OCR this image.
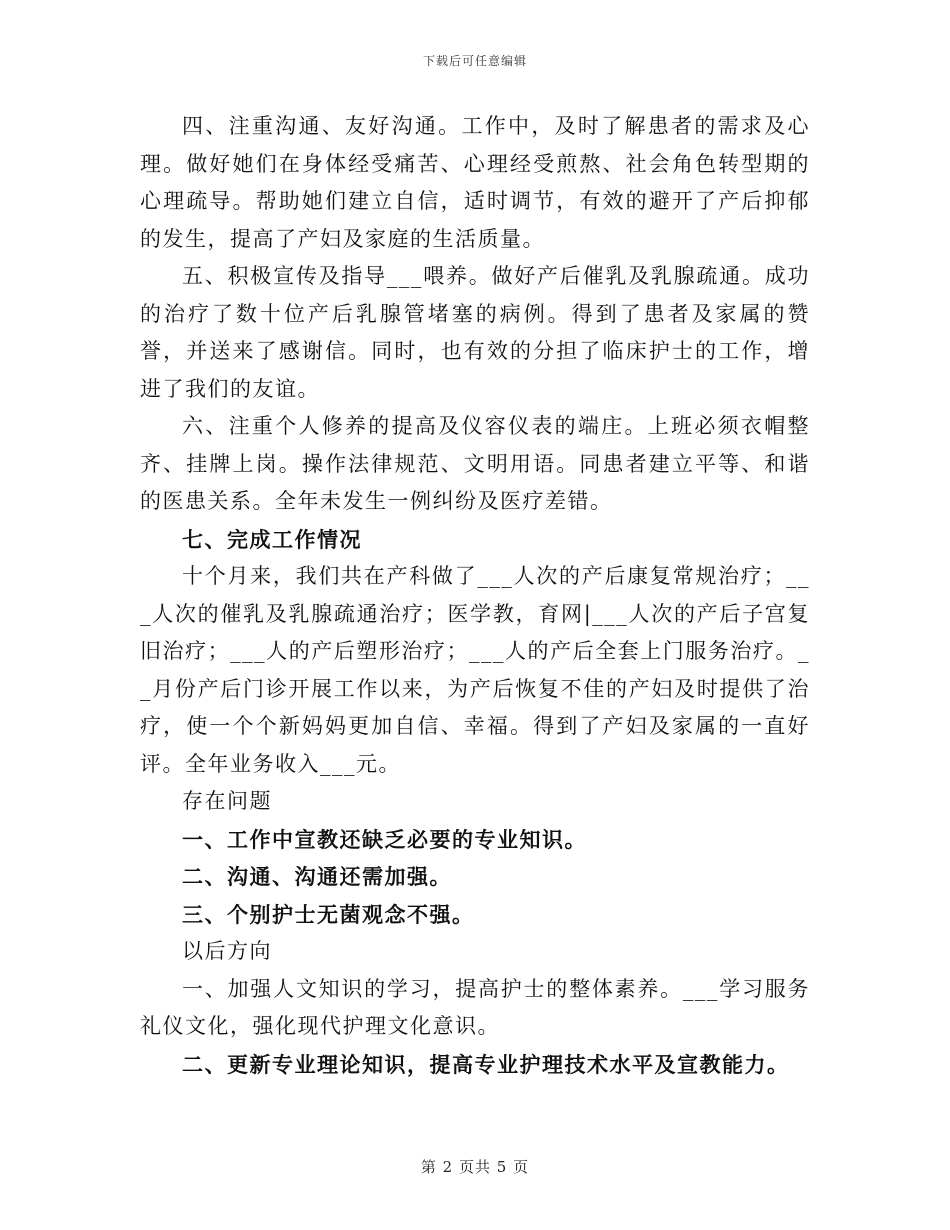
下载后可任意编辑

四、注重沟通、友好沟通。工作中，及时了解患者的需求及心理。做好她们在身体经受痛苦、心理经受煎熬、社会角色转型期的心理疏导。帮助她们建立自信，适时调节，有效的避开了产后抑郁的发生，提高了产妇及家庭的生活质量。

五、积极宣传及指导___喂养。做好产后催乳及乳腺疏通。成功的治疗了数十位产后乳腺管堵塞的病例。得到了患者及家属的赞誉，并送来了感谢信。同时，也有效的分担了临床护士的工作，增进了我们的友谊。

六、注重个人修养的提高及仪容仪表的端庄。上班必须衣帽整齐、挂牌上岗。操作法律规范、文明用语。同患者建立平等、和谐的医患关系。全年未发生一例纠纷及医疗差错。

七、完成工作情况

十个月来，我们共在产科做了___人次的产后康复常规治疗；___人次的催乳及乳腺疏通治疗；医学教，育网|___人次的产后子宫复旧治疗；___人的产后塑形治疗；___人的产后全套上门服务治疗。__月份产后门诊开展工作以来，为产后恢复不佳的产妇及时提供了治疗，使一个个新妈妈更加自信、幸福。得到了产妇及家属的一直好评。全年业务收入___元。

存在问题

一、工作中宣教还缺乏必要的专业知识。

二、沟通、沟通还需加强。

三、个别护士无菌观念不强。

以后方向

一、加强人文知识的学习，提高护士的整体素养。___学习服务礼仪文化，强化现代护理文化意识。

二、更新专业理论知识，提高专业护理技术水平及宣教能力。

第 2 页共 5 页
